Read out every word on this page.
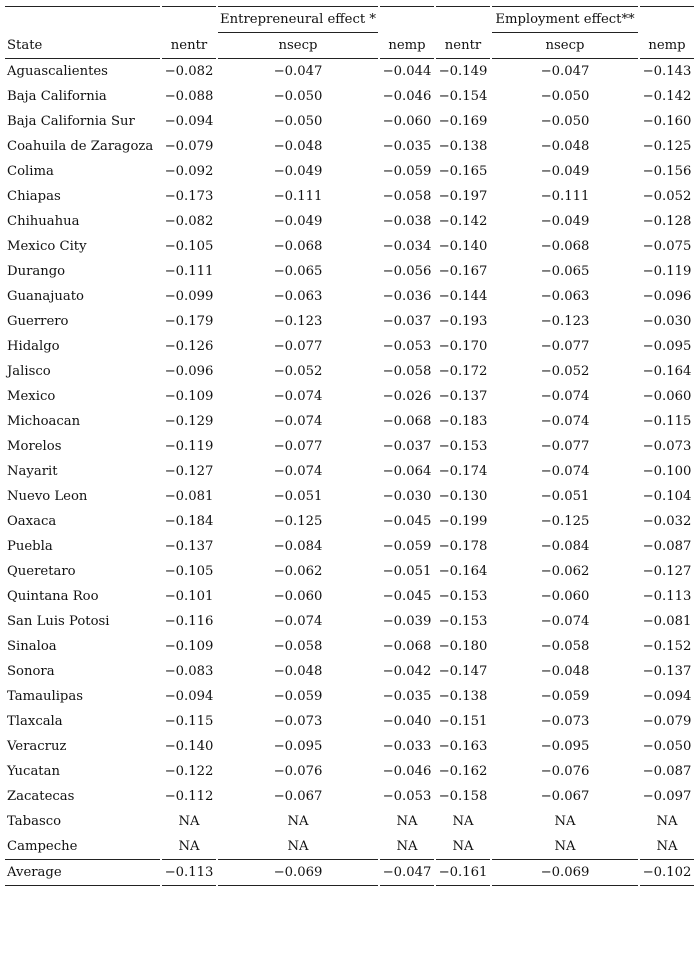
				Entrepreneural effect *						Employment effect**		
State		nentr		nsecp		nemp		nentr		nsecp		nemp
Aguascalientes		−0.082		−0.047		−0.044		−0.149		−0.047		−0.143
Baja California		−0.088		−0.050		−0.046		−0.154		−0.050		−0.142
Baja California Sur		−0.094		−0.050		−0.060		−0.169		−0.050		−0.160
Coahuila de Zaragoza		−0.079		−0.048		−0.035		−0.138		−0.048		−0.125
Colima		−0.092		−0.049		−0.059		−0.165		−0.049		−0.156
Chiapas		−0.173		−0.111		−0.058		−0.197		−0.111		−0.052
Chihuahua		−0.082		−0.049		−0.038		−0.142		−0.049		−0.128
Mexico City		−0.105		−0.068		−0.034		−0.140		−0.068		−0.075
Durango		−0.111		−0.065		−0.056		−0.167		−0.065		−0.119
Guanajuato		−0.099		−0.063		−0.036		−0.144		−0.063		−0.096
Guerrero		−0.179		−0.123		−0.037		−0.193		−0.123		−0.030
Hidalgo		−0.126		−0.077		−0.053		−0.170		−0.077		−0.095
Jalisco		−0.096		−0.052		−0.058		−0.172		−0.052		−0.164
Mexico		−0.109		−0.074		−0.026		−0.137		−0.074		−0.060
Michoacan		−0.129		−0.074		−0.068		−0.183		−0.074		−0.115
Morelos		−0.119		−0.077		−0.037		−0.153		−0.077		−0.073
Nayarit		−0.127		−0.074		−0.064		−0.174		−0.074		−0.100
Nuevo Leon		−0.081		−0.051		−0.030		−0.130		−0.051		−0.104
Oaxaca		−0.184		−0.125		−0.045		−0.199		−0.125		−0.032
Puebla		−0.137		−0.084		−0.059		−0.178		−0.084		−0.087
Queretaro		−0.105		−0.062		−0.051		−0.164		−0.062		−0.127
Quintana Roo		−0.101		−0.060		−0.045		−0.153		−0.060		−0.113
San Luis Potosi		−0.116		−0.074		−0.039		−0.153		−0.074		−0.081
Sinaloa		−0.109		−0.058		−0.068		−0.180		−0.058		−0.152
Sonora		−0.083		−0.048		−0.042		−0.147		−0.048		−0.137
Tamaulipas		−0.094		−0.059		−0.035		−0.138		−0.059		−0.094
Tlaxcala		−0.115		−0.073		−0.040		−0.151		−0.073		−0.079
Veracruz		−0.140		−0.095		−0.033		−0.163		−0.095		−0.050
Yucatan		−0.122		−0.076		−0.046		−0.162		−0.076		−0.087
Zacatecas		−0.112		−0.067		−0.053		−0.158		−0.067		−0.097
Tabasco		NA		NA		NA		NA		NA		NA
Campeche		NA		NA		NA		NA		NA		NA
Average		−0.113		−0.069		−0.047		−0.161		−0.069		−0.102
